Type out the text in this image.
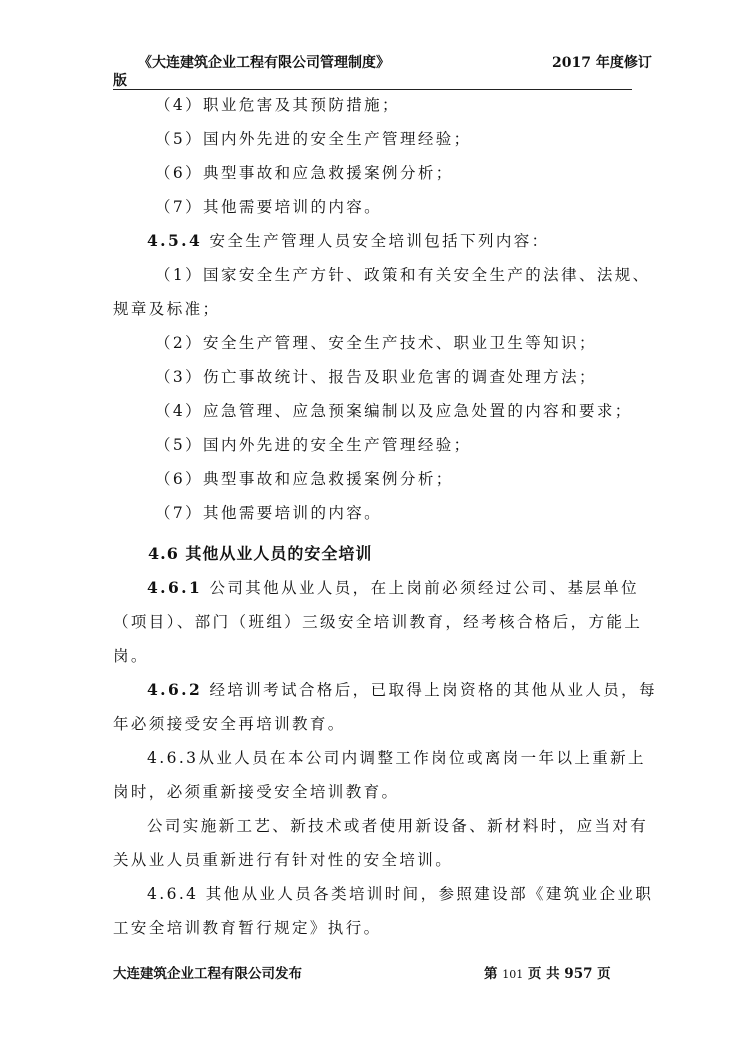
《大连建筑企业工程有限公司管理制度》	2017 年度修订
版
（4）职业危害及其预防措施；
（5）国内外先进的安全生产管理经验；
（6）典型事故和应急救援案例分析；
（7）其他需要培训的内容。
4.5.4 安全生产管理人员安全培训包括下列内容：
（1）国家安全生产方针、政策和有关安全生产的法律、法规、
规章及标准；
（2）安全生产管理、安全生产技术、职业卫生等知识；
（3）伤亡事故统计、报告及职业危害的调查处理方法；
（4）应急管理、应急预案编制以及应急处置的内容和要求；
（5）国内外先进的安全生产管理经验；
（6）典型事故和应急救援案例分析；
（7）其他需要培训的内容。
4.6 其他从业人员的安全培训
4.6.1 公司其他从业人员，在上岗前必须经过公司、基层单位
（项目）、部门（班组）三级安全培训教育，经考核合格后，方能上
岗。
4.6.2 经培训考试合格后，已取得上岗资格的其他从业人员，每
年必须接受安全再培训教育。
4.6.3从业人员在本公司内调整工作岗位或离岗一年以上重新上
岗时，必须重新接受安全培训教育。
公司实施新工艺、新技术或者使用新设备、新材料时，应当对有
关从业人员重新进行有针对性的安全培训。
4.6.4 其他从业人员各类培训时间，参照建设部《建筑业企业职
工安全培训教育暂行规定》执行。
大连建筑企业工程有限公司发布	第 101 页 共 957 页
